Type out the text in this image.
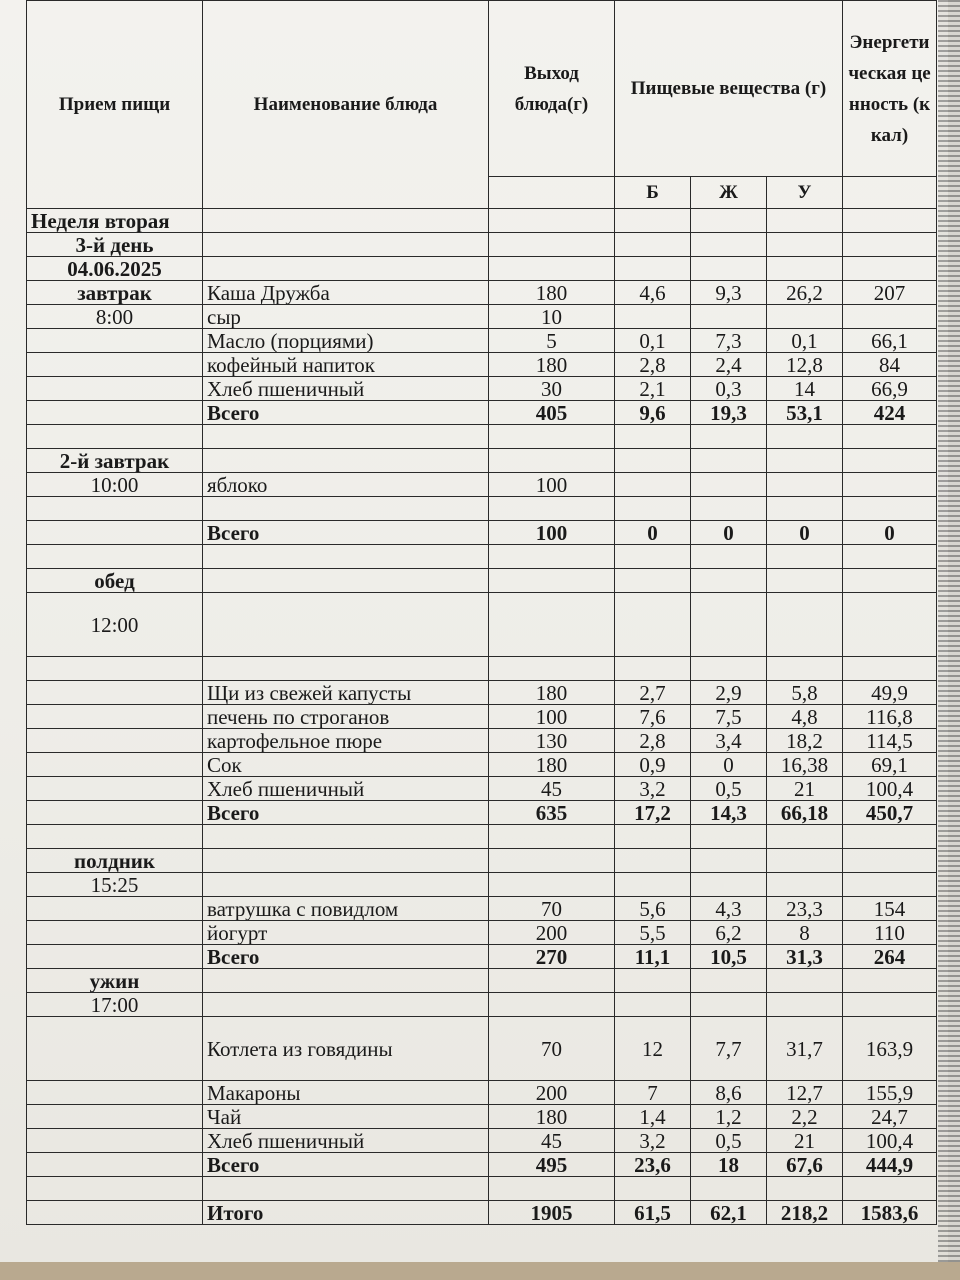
Прием пищи	Наименование блюда	Выход блюда(г)	Пищевые вещества (г)			Энергетическая ценность (ккал)
			Б	Ж	У	
Неделя вторая						
3-й день						
04.06.2025						
завтрак	Каша Дружба	180	4,6	9,3	26,2	207
8:00	сыр	10				
	Масло (порциями)	5	0,1	7,3	0,1	66,1
	кофейный напиток	180	2,8	2,4	12,8	84
	Хлеб пшеничный	30	2,1	0,3	14	66,9
	Всего	405	9,6	19,3	53,1	424

2-й завтрак						
10:00	яблоко	100				

	Всего	100	0	0	0	0

обед						
12:00						

	Щи из свежей капусты	180	2,7	2,9	5,8	49,9
	печень по строганов	100	7,6	7,5	4,8	116,8
	картофельное пюре	130	2,8	3,4	18,2	114,5
	Сок	180	0,9	0	16,38	69,1
	Хлеб пшеничный	45	3,2	0,5	21	100,4
	Всего	635	17,2	14,3	66,18	450,7

полдник						
15:25						
	ватрушка с повидлом	70	5,6	4,3	23,3	154
	йогурт	200	5,5	6,2	8	110
	Всего	270	11,1	10,5	31,3	264
ужин						
17:00						
	Котлета из говядины	70	12	7,7	31,7	163,9
	Макароны	200	7	8,6	12,7	155,9
	Чай	180	1,4	1,2	2,2	24,7
	Хлеб пшеничный	45	3,2	0,5	21	100,4
	Всего	495	23,6	18	67,6	444,9

	Итого	1905	61,5	62,1	218,2	1583,6
